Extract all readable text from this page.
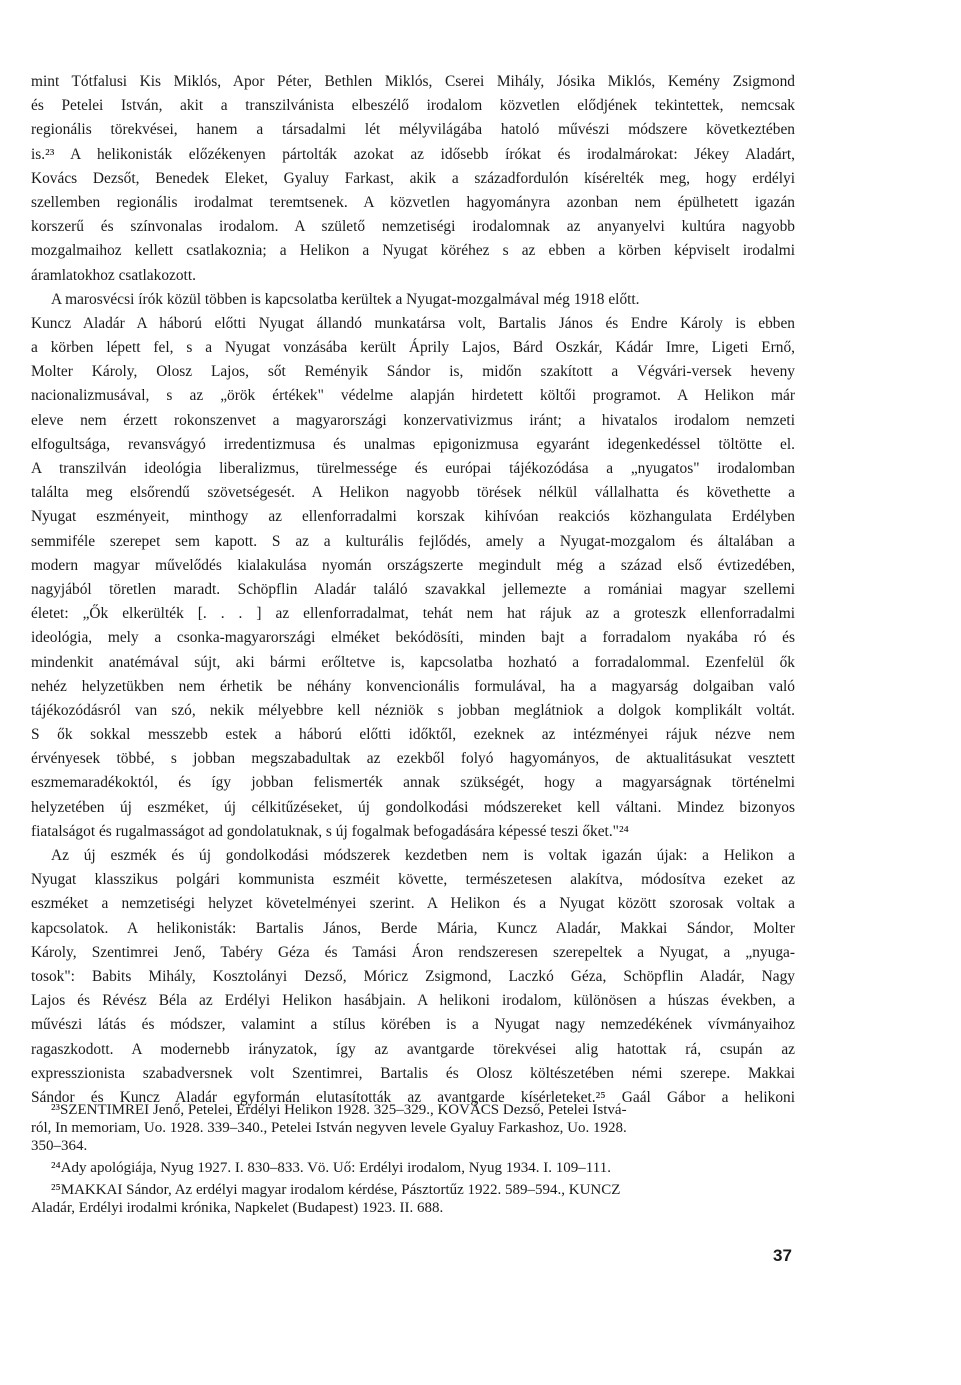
mint Tótfalusi Kis Miklós, Apor Péter, Bethlen Miklós, Cserei Mihály, Jósika Miklós, Kemény Zsigmond
és Petelei István, akit a transzilvánista elbeszélő irodalom közvetlen elődjének tekintettek, nemcsak
regionális törekvései, hanem a társadalmi lét mélyvilágába hatoló művészi módszere következtében
is.²³ A helikonisták előzékenyen pártolták azokat az idősebb írókat és irodalmárokat: Jékey Aladárt,
Kovács Dezsőt, Benedek Eleket, Gyaluy Farkast, akik a századfordulón kísérelték meg, hogy erdélyi
szellemben regionális irodalmat teremtsenek. A közvetlen hagyományra azonban nem épülhetett igazán
korszerű és színvonalas irodalom. A születő nemzetiségi irodalomnak az anyanyelvi kultúra nagyobb
mozgalmaihoz kellett csatlakoznia; a Helikon a Nyugat köréhez s az ebben a körben képviselt irodalmi
áramlatokhoz csatlakozott.
A marosvécsi írók közül többen is kapcsolatba kerültek a Nyugat-mozgalmával még 1918 előtt.
Kuncz Aladár A háború előtti Nyugat állandó munkatársa volt, Bartalis János és Endre Károly is ebben
a körben lépett fel, s a Nyugat vonzásába került Áprily Lajos, Bárd Oszkár, Kádár Imre, Ligeti Ernő,
Molter Károly, Olosz Lajos, sőt Reményik Sándor is, midőn szakított a Végvári-versek heveny
nacionalizmusával, s az „örök értékek" védelme alapján hirdetett költői programot. A Helikon már
eleve nem érzett rokonszenvet a magyarországi konzervativizmus iránt; a hivatalos irodalom nemzeti
elfogultsága, revansvágyó irredentizmusa és unalmas epigonizmusa egyaránt idegenkedéssel töltötte el.
A transzilván ideológia liberalizmus, türelmessége és európai tájékozódása a „nyugatos" irodalomban
találta meg elsőrendű szövetségesét. A Helikon nagyobb törések nélkül vállalhatta és követhette a
Nyugat eszményeit, minthogy az ellenforradalmi korszak kihívóan reakciós közhangulata Erdélyben
semmiféle szerepet sem kapott. S az a kulturális fejlődés, amely a Nyugat-mozgalom és általában a
modern magyar művelődés kialakulása nyomán országszerte megindult még a század első évtizedében,
nagyjából töretlen maradt. Schöpflin Aladár találó szavakkal jellemezte a romániai magyar szellemi
életet: „Ők elkerülték [. . . ] az ellenforradalmat, tehát nem hat rájuk az a groteszk ellenforradalmi
ideológia, mely a csonka-magyarországi elméket bekódösíti, minden bajt a forradalom nyakába ró és
mindenkit anatémával sújt, aki bármi erőltetve is, kapcsolatba hozható a forradalommal. Ezenfelül ők
nehéz helyzetükben nem érhetik be néhány konvencionális formulával, ha a magyarság dolgaiban való
tájékozódásról van szó, nekik mélyebbre kell nézniök s jobban meglátniok a dolgok komplikált voltát.
S ők sokkal messzebb estek a háború előtti időktől, ezeknek az intézményei rájuk nézve nem
érvényesek többé, s jobban megszabadultak az ezekből folyó hagyományos, de aktualitásukat vesztett
eszmemaradékoktól, és így jobban felismerték annak szükségét, hogy a magyarságnak történelmi
helyzetében új eszméket, új célkitűzéseket, új gondolkodási módszereket kell váltani. Mindez bizonyos
fiatalságot és rugalmasságot ad gondolatuknak, s új fogalmak befogadására képessé teszi őket."²⁴
Az új eszmék és új gondolkodási módszerek kezdetben nem is voltak igazán újak: a Helikon a
Nyugat klasszikus polgári kommunista eszméit követte, természetesen alakítva, módosítva ezeket az
eszméket a nemzetiségi helyzet követelményei szerint. A Helikon és a Nyugat között szorosak voltak a
kapcsolatok. A helikonisták: Bartalis János, Berde Mária, Kuncz Aladár, Makkai Sándor, Molter
Károly, Szentimrei Jenő, Tabéry Géza és Tamási Áron rendszeresen szerepeltek a Nyugat, a „nyuga-
tosok": Babits Mihály, Kosztolányi Dezső, Móricz Zsigmond, Laczkó Géza, Schöpflin Aladár, Nagy
Lajos és Révész Béla az Erdélyi Helikon hasábjain. A helikoni irodalom, különösen a húszas években, a
művészi látás és módszer, valamint a stílus körében is a Nyugat nagy nemzedékének vívmányaihoz
ragaszkodott. A modernebb irányzatok, így az avantgarde törekvései alig hatottak rá, csupán az
expresszionista szabadversnek volt Szentimrei, Bartalis és Olosz költészetében némi szerepe. Makkai
Sándor és Kuncz Aladár egyformán elutasították az avantgarde kísérleteket.²⁵ Gaál Gábor a helikoni
²³SZENTIMREI Jenő, Petelei, Erdélyi Helikon 1928. 325–329., KOVÁCS Dezső, Petelei Istvá-
ról, In memoriam, Uo. 1928. 339–340., Petelei István negyven levele Gyaluy Farkashoz, Uo. 1928.
350–364.
²⁴Ady apológiája, Nyug 1927. I. 830–833. Vö. Uő: Erdélyi irodalom, Nyug 1934. I. 109–111.
²⁵MAKKAI Sándor, Az erdélyi magyar irodalom kérdése, Pásztortűz 1922. 589–594., KUNCZ
Aladár, Erdélyi irodalmi krónika, Napkelet (Budapest) 1923. II. 688.
37
